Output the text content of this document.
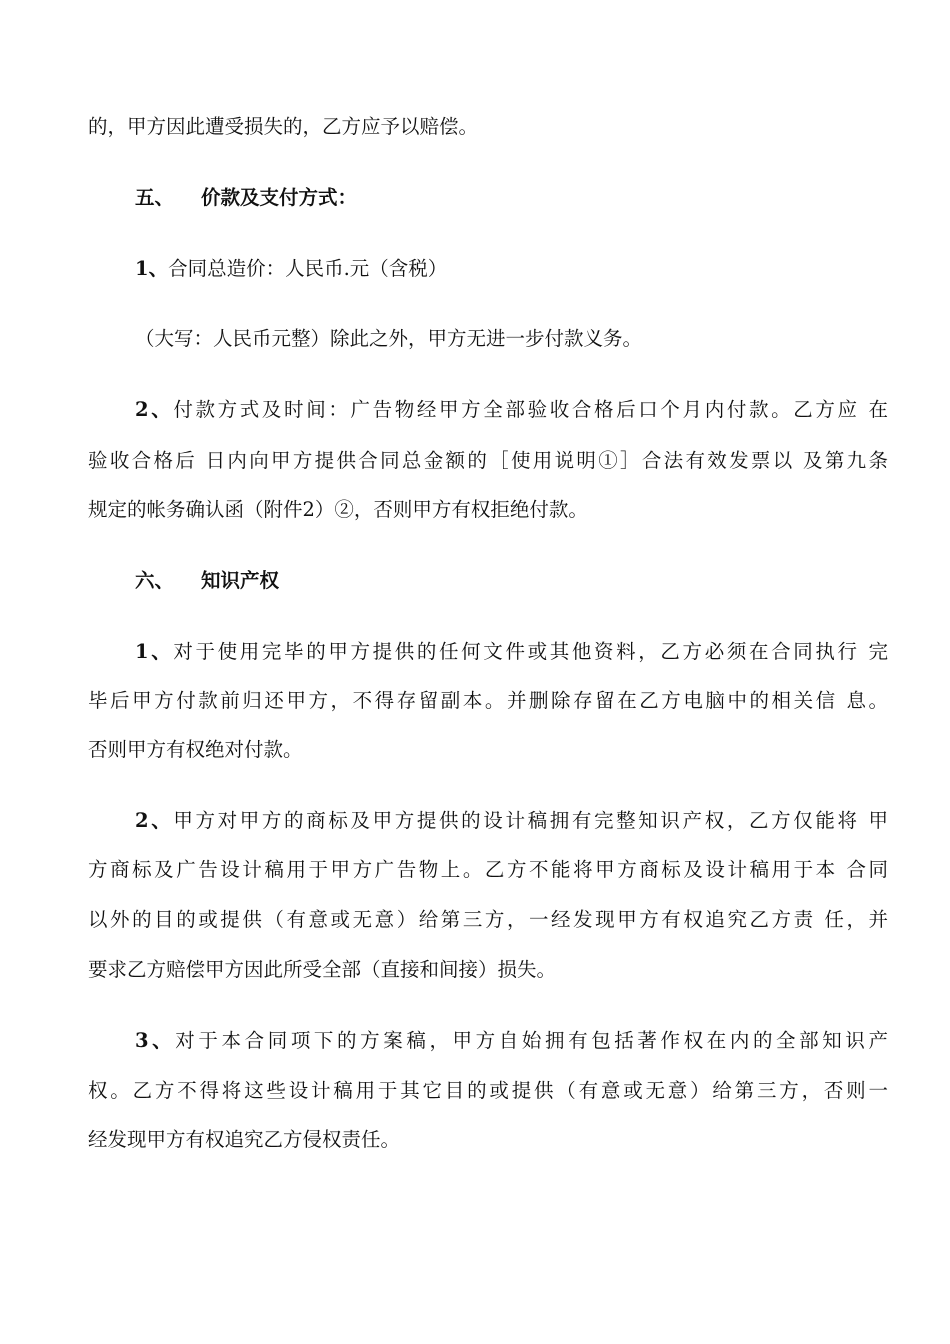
的，甲方因此遭受损失的，乙方应予以赔偿。
五、 价款及支付方式：
1、合同总造价：人民币.元（含税）
（大写：人民币元整）除此之外，甲方无进一步付款义务。
2、付款方式及时间：广告物经甲方全部验收合格后口个月内付款。乙方应 在
验收合格后 日内向甲方提供合同总金额的［使用说明①］合法有效发票以 及第九条
规定的帐务确认函（附件2）②，否则甲方有权拒绝付款。
六、 知识产权
1、对于使用完毕的甲方提供的任何文件或其他资料，乙方必须在合同执行 完
毕后甲方付款前归还甲方，不得存留副本。并删除存留在乙方电脑中的相关信 息。
否则甲方有权绝对付款。
2、甲方对甲方的商标及甲方提供的设计稿拥有完整知识产权，乙方仅能将 甲
方商标及广告设计稿用于甲方广告物上。乙方不能将甲方商标及设计稿用于本 合同
以外的目的或提供（有意或无意）给第三方，一经发现甲方有权追究乙方责 任，并
要求乙方赔偿甲方因此所受全部（直接和间接）损失。
3、对于本合同项下的方案稿，甲方自始拥有包括著作权在内的全部知识产
权。乙方不得将这些设计稿用于其它目的或提供（有意或无意）给第三方，否则一
经发现甲方有权追究乙方侵权责任。
